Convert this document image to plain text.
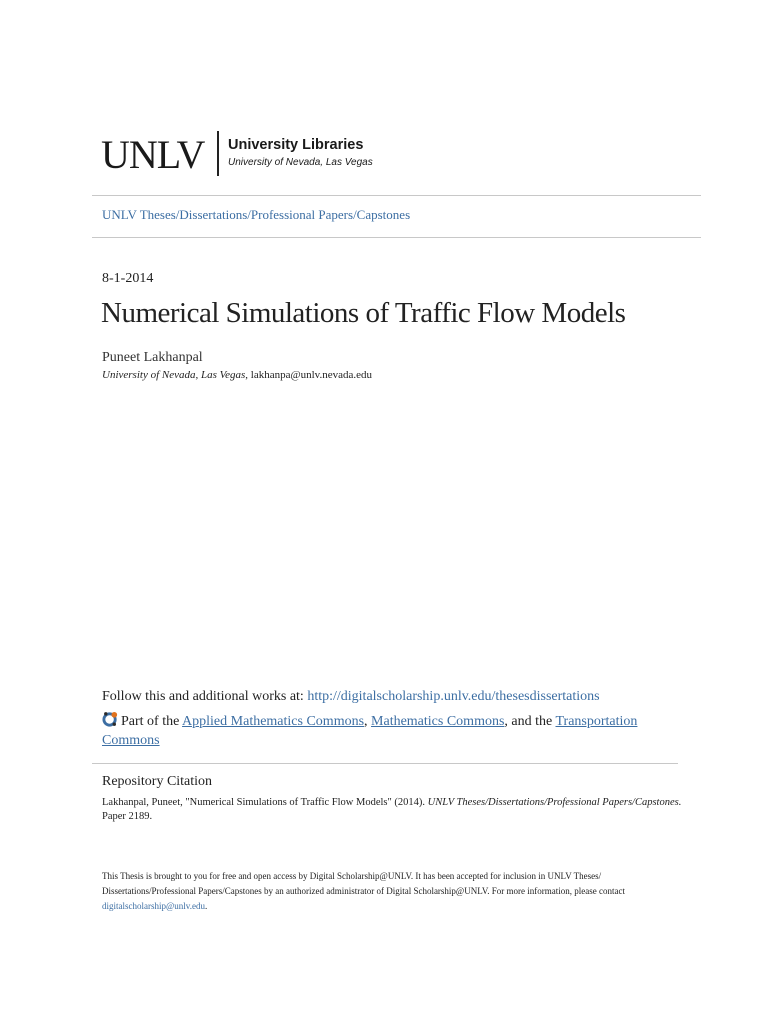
UNLV University Libraries
University of Nevada, Las Vegas
UNLV Theses/Dissertations/Professional Papers/Capstones
8-1-2014
Numerical Simulations of Traffic Flow Models
Puneet Lakhanpal
University of Nevada, Las Vegas, lakhanpa@unlv.nevada.edu
Follow this and additional works at: http://digitalscholarship.unlv.edu/thesesdissertations
Part of the Applied Mathematics Commons, Mathematics Commons, and the Transportation Commons
Repository Citation
Lakhanpal, Puneet, "Numerical Simulations of Traffic Flow Models" (2014). UNLV Theses/Dissertations/Professional Papers/Capstones. Paper 2189.
This Thesis is brought to you for free and open access by Digital Scholarship@UNLV. It has been accepted for inclusion in UNLV Theses/ Dissertations/Professional Papers/Capstones by an authorized administrator of Digital Scholarship@UNLV. For more information, please contact digitalscholarship@unlv.edu.
